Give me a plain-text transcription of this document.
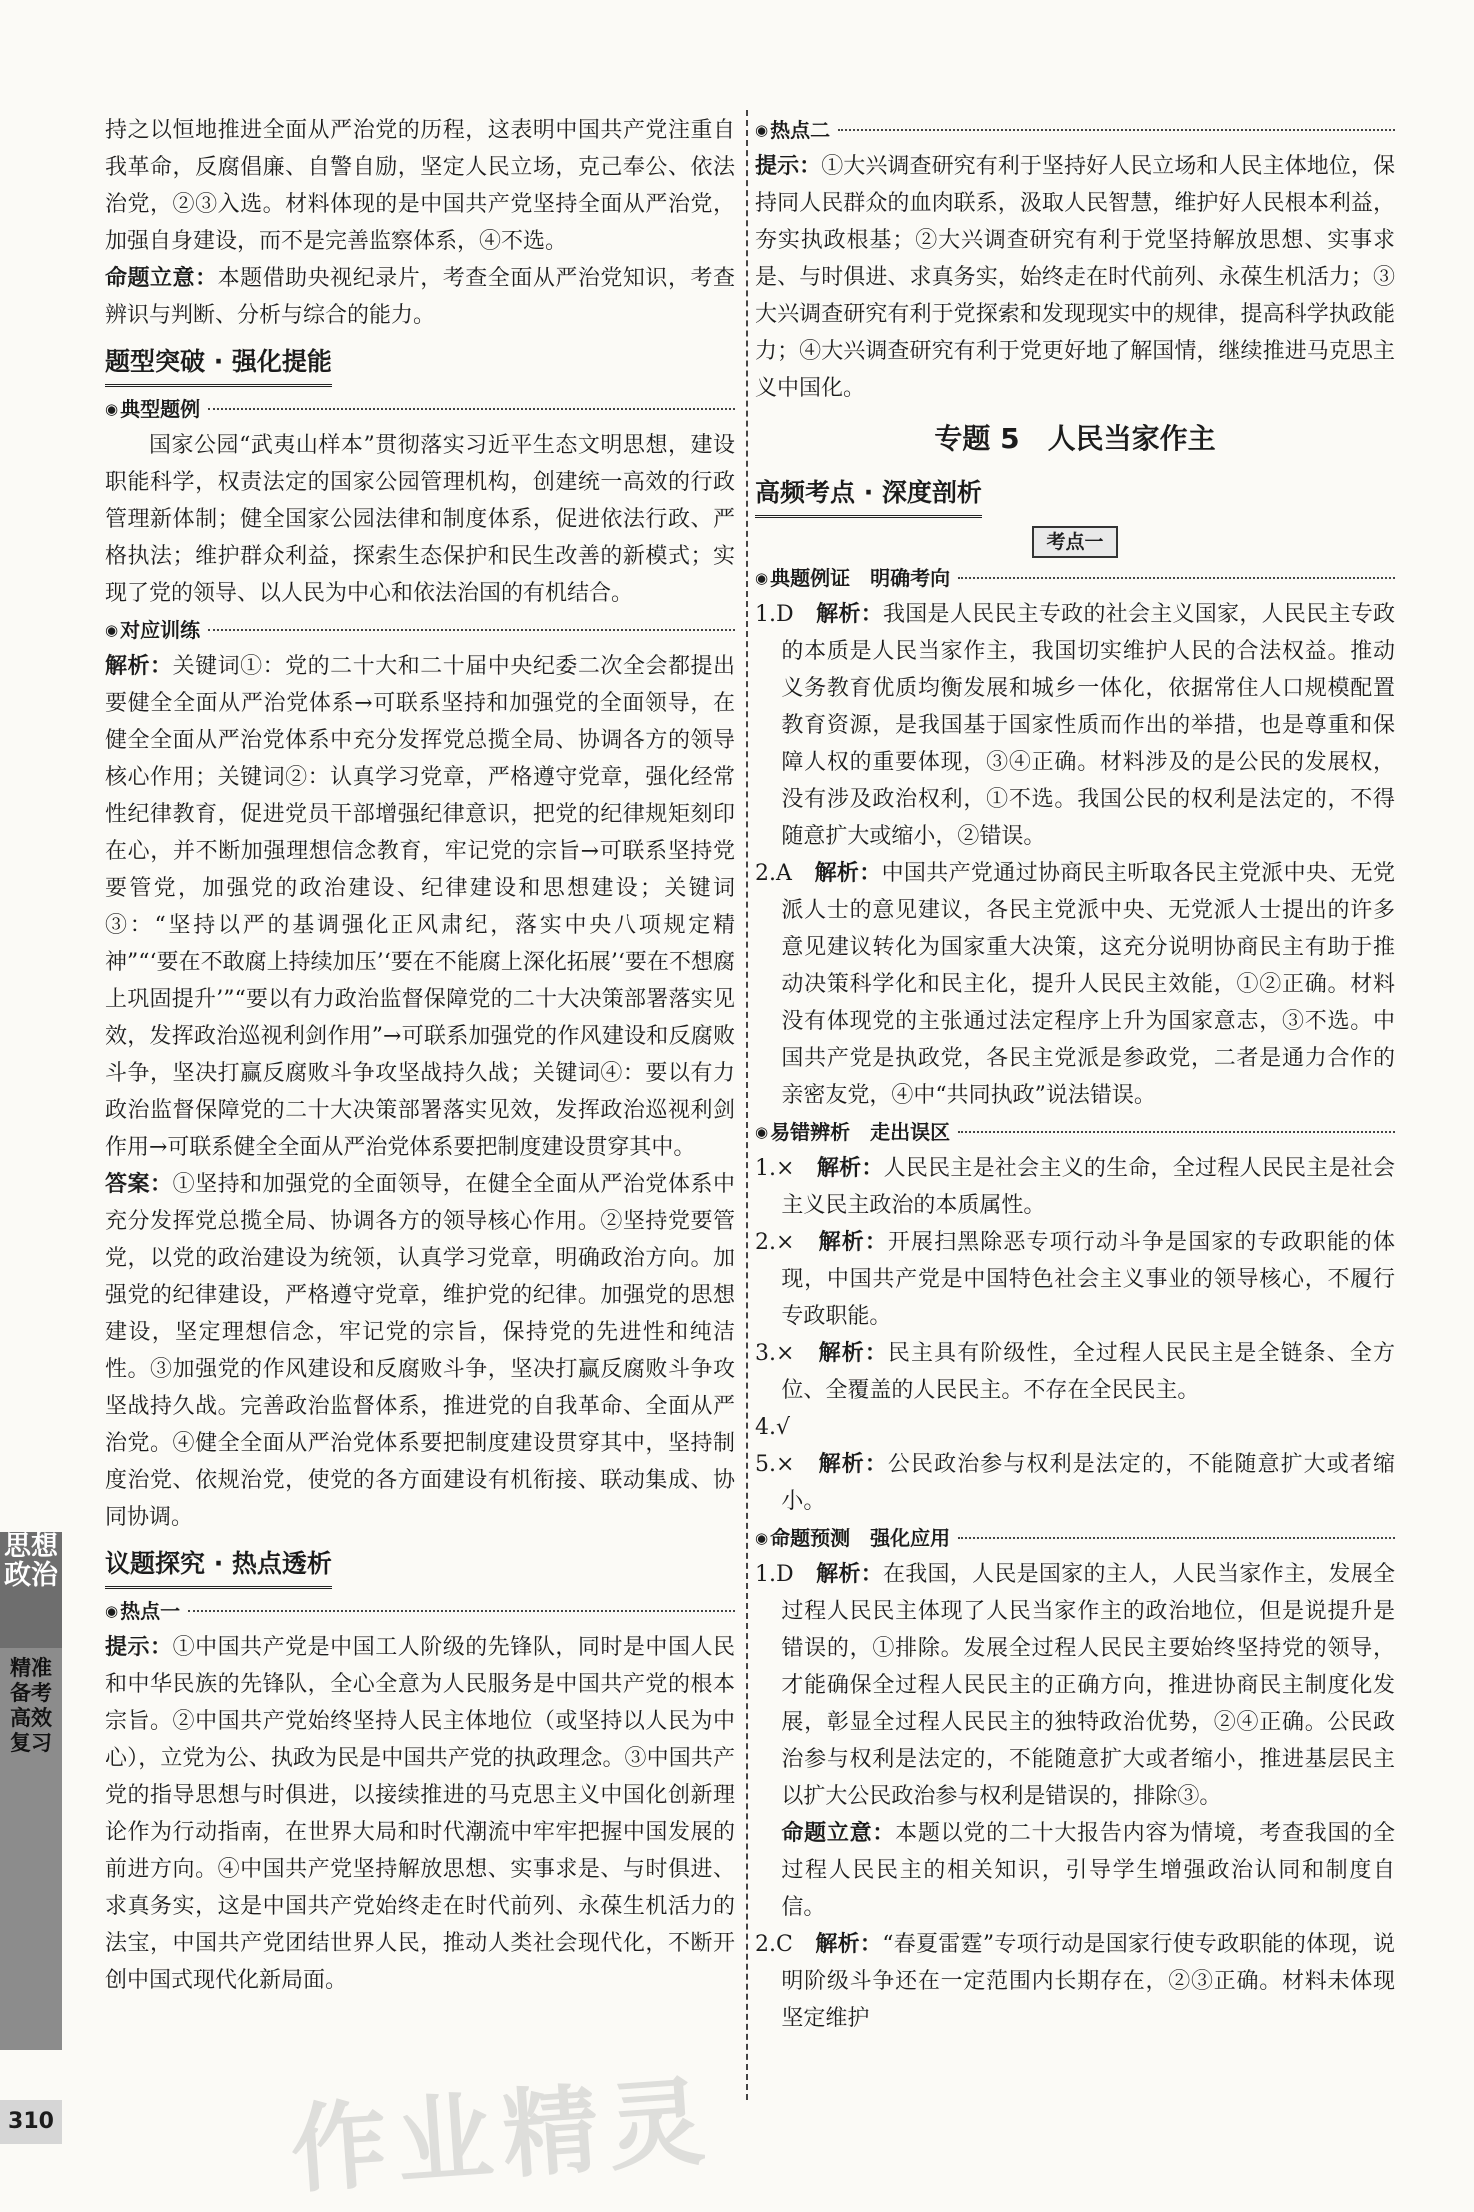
持之以恒地推进全面从严治党的历程，这表明中国共产党注重自我革命，反腐倡廉、自警自励，坚定人民立场，克己奉公、依法治党，②③入选。材料体现的是中国共产党坚持全面从严治党，加强自身建设，而不是完善监察体系，④不选。

命题立意：本题借助央视纪录片，考查全面从严治党知识，考查辨识与判断、分析与综合的能力。

题型突破 · 强化提能
◉ 典型题例

国家公园“武夷山样本”贯彻落实习近平生态文明思想，建设职能科学，权责法定的国家公园管理机构，创建统一高效的行政管理新体制；健全国家公园法律和制度体系，促进依法行政、严格执法；维护群众利益，探索生态保护和民生改善的新模式；实现了党的领导、以人民为中心和依法治国的有机结合。

◉ 对应训练

解析：关键词①：党的二十大和二十届中央纪委二次全会都提出要健全全面从严治党体系→可联系坚持和加强党的全面领导，在健全全面从严治党体系中充分发挥党总揽全局、协调各方的领导核心作用；关键词②：认真学习党章，严格遵守党章，强化经常性纪律教育，促进党员干部增强纪律意识，把党的纪律规矩刻印在心，并不断加强理想信念教育，牢记党的宗旨→可联系坚持党要管党，加强党的政治建设、纪律建设和思想建设；关键词③：“坚持以严的基调强化正风肃纪，落实中央八项规定精神”“‘要在不敢腐上持续加压’‘要在不能腐上深化拓展’‘要在不想腐上巩固提升’”“要以有力政治监督保障党的二十大决策部署落实见效，发挥政治巡视利剑作用”→可联系加强党的作风建设和反腐败斗争，坚决打赢反腐败斗争攻坚战持久战；关键词④：要以有力政治监督保障党的二十大决策部署落实见效，发挥政治巡视利剑作用→可联系健全全面从严治党体系要把制度建设贯穿其中。

答案：①坚持和加强党的全面领导，在健全全面从严治党体系中充分发挥党总揽全局、协调各方的领导核心作用。②坚持党要管党，以党的政治建设为统领，认真学习党章，明确政治方向。加强党的纪律建设，严格遵守党章，维护党的纪律。加强党的思想建设，坚定理想信念，牢记党的宗旨，保持党的先进性和纯洁性。③加强党的作风建设和反腐败斗争，坚决打赢反腐败斗争攻坚战持久战。完善政治监督体系，推进党的自我革命、全面从严治党。④健全全面从严治党体系要把制度建设贯穿其中，坚持制度治党、依规治党，使党的各方面建设有机衔接、联动集成、协同协调。

议题探究 · 热点透析
◉ 热点一

提示：①中国共产党是中国工人阶级的先锋队，同时是中国人民和中华民族的先锋队，全心全意为人民服务是中国共产党的根本宗旨。②中国共产党始终坚持人民主体地位（或坚持以人民为中心），立党为公、执政为民是中国共产党的执政理念。③中国共产党的指导思想与时俱进，以接续推进的马克思主义中国化创新理论作为行动指南，在世界大局和时代潮流中牢牢把握中国发展的前进方向。④中国共产党坚持解放思想、实事求是、与时俱进、求真务实，这是中国共产党始终走在时代前列、永葆生机活力的法宝，中国共产党团结世界人民，推动人类社会现代化，不断开创中国式现代化新局面。

◉ 热点二

提示：①大兴调查研究有利于坚持好人民立场和人民主体地位，保持同人民群众的血肉联系，汲取人民智慧，维护好人民根本利益，夯实执政根基；②大兴调查研究有利于党坚持解放思想、实事求是、与时俱进、求真务实，始终走在时代前列、永葆生机活力；③大兴调查研究有利于党探索和发现现实中的规律，提高科学执政能力；④大兴调查研究有利于党更好地了解国情，继续推进马克思主义中国化。

专题 5　人民当家作主
高频考点 · 深度剖析
考点一
◉ 典题例证　明确考向

1.D　解析：我国是人民民主专政的社会主义国家，人民民主专政的本质是人民当家作主，我国切实维护人民的合法权益。推动义务教育优质均衡发展和城乡一体化，依据常住人口规模配置教育资源，是我国基于国家性质而作出的举措，也是尊重和保障人权的重要体现，③④正确。材料涉及的是公民的发展权，没有涉及政治权利，①不选。我国公民的权利是法定的，不得随意扩大或缩小，②错误。

2.A　解析：中国共产党通过协商民主听取各民主党派中央、无党派人士的意见建议，各民主党派中央、无党派人士提出的许多意见建议转化为国家重大决策，这充分说明协商民主有助于推动决策科学化和民主化，提升人民民主效能，①②正确。材料没有体现党的主张通过法定程序上升为国家意志，③不选。中国共产党是执政党，各民主党派是参政党，二者是通力合作的亲密友党，④中“共同执政”说法错误。

◉ 易错辨析　走出误区

1.×　解析：人民民主是社会主义的生命，全过程人民民主是社会主义民主政治的本质属性。

2.×　解析：开展扫黑除恶专项行动斗争是国家的专政职能的体现，中国共产党是中国特色社会主义事业的领导核心，不履行专政职能。

3.×　解析：民主具有阶级性，全过程人民民主是全链条、全方位、全覆盖的人民民主。不存在全民民主。

4.√

5.×　解析：公民政治参与权利是法定的，不能随意扩大或者缩小。

◉ 命题预测　强化应用

1.D　解析：在我国，人民是国家的主人，人民当家作主，发展全过程人民民主体现了人民当家作主的政治地位，但是说提升是错误的，①排除。发展全过程人民民主要始终坚持党的领导，才能确保全过程人民民主的正确方向，推进协商民主制度化发展，彰显全过程人民民主的独特政治优势，②④正确。公民政治参与权利是法定的，不能随意扩大或者缩小，推进基层民主以扩大公民政治参与权利是错误的，排除③。

命题立意：本题以党的二十大报告内容为情境，考查我国的全过程人民民主的相关知识，引导学生增强政治认同和制度自信。

2.C　解析：“春夏雷霆”专项行动是国家行使专政职能的体现，说明阶级斗争还在一定范围内长期存在，②③正确。材料未体现坚定维护

思想政治
精准备考　高效复习
310 作业精灵
